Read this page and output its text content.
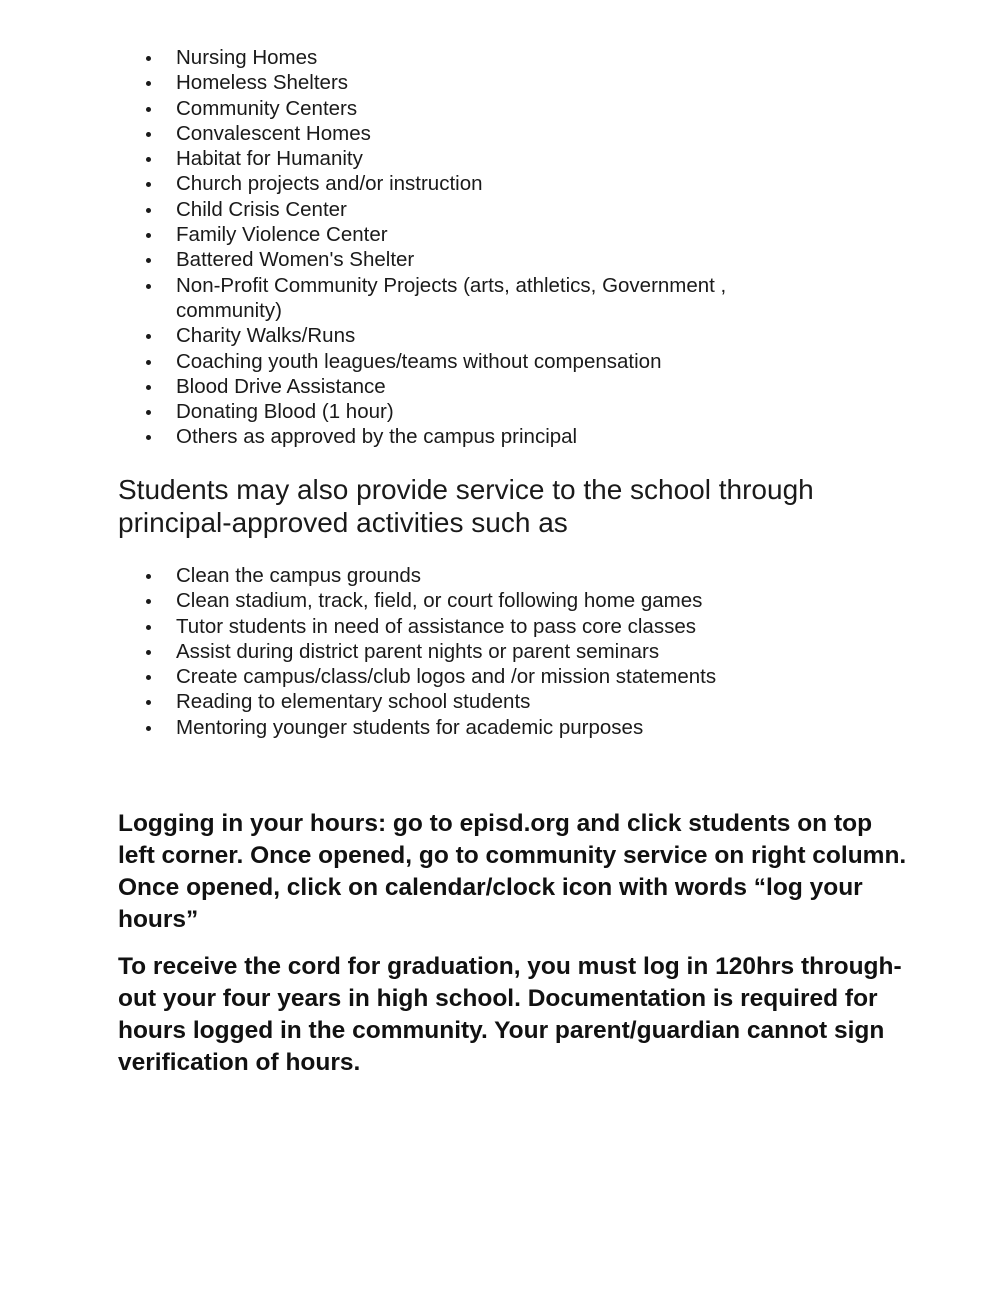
Nursing Homes
Homeless Shelters
Community Centers
Convalescent Homes
Habitat for Humanity
Church projects and/or instruction
Child Crisis Center
Family Violence Center
Battered Women's Shelter
Non-Profit Community Projects (arts, athletics, Government , community)
Charity Walks/Runs
Coaching youth leagues/teams without compensation
Blood Drive Assistance
Donating Blood (1 hour)
Others as approved by the campus principal
Students may also provide service to the school through principal-approved activities such as
Clean the campus grounds
Clean stadium, track, field, or court following home games
Tutor students in need of assistance to pass core classes
Assist during district parent nights or parent seminars
Create campus/class/club logos and /or mission statements
Reading to elementary school students
Mentoring younger students for academic purposes

Logging in your hours: go to episd.org and click students on top left corner. Once opened, go to community service on right column. Once opened, click on calendar/clock icon with words “log your hours”

To receive the cord for graduation, you must log in 120hrs through-out your four years in high school. Documentation is required for hours logged in the community. Your parent/guardian cannot sign verification of hours.
